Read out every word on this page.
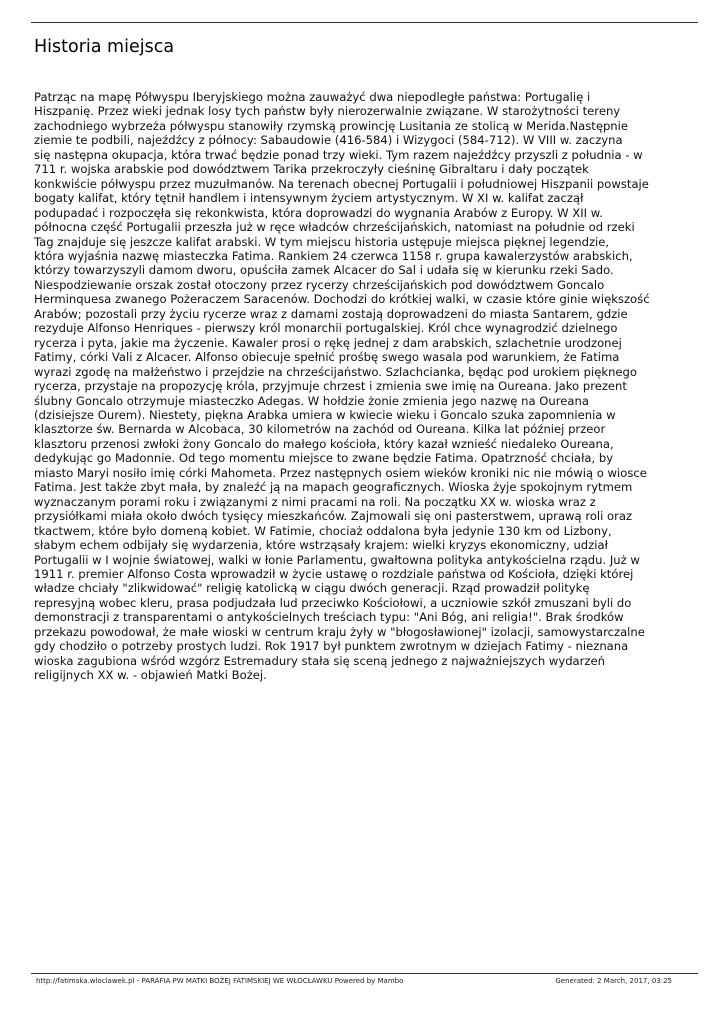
Historia miejsca
Patrząc na mapę Półwyspu Iberyjskiego można zauważyć dwa niepodległe państwa: Portugalię i
Hiszpanię. Przez wieki jednak losy tych państw były nierozerwalnie związane. W starożytności tereny
zachodniego wybrzeża półwyspu stanowiły rzymską prowincję Lusitania ze stolicą w Merida.Następnie
ziemie te podbili, najeźdźcy z północy: Sabaudowie (416-584) i Wizygoci (584-712). W VIII w. zaczyna
się następna okupacja, która trwać będzie ponad trzy wieki. Tym razem najeźdźcy przyszli z południa - w
711 r. wojska arabskie pod dowództwem Tarika przekroczyły cieśninę Gibraltaru i dały początek
konkwiście półwyspu przez muzułmanów. Na terenach obecnej Portugalii i południowej Hiszpanii powstaje
bogaty kalifat, który tętnił handlem i intensywnym życiem artystycznym. W XI w. kalifat zaczął
podupadać i rozpoczęła się rekonkwista, która doprowadzi do wygnania Arabów z Europy. W XII w.
północna część Portugalii przeszła już w ręce władców chrześcijańskich, natomiast na południe od rzeki
Tag znajduje się jeszcze kalifat arabski. W tym miejscu historia ustępuje miejsca pięknej legendzie,
która wyjaśnia nazwę miasteczka Fatima. Rankiem 24 czerwca 1158 r. grupa kawalerzystów arabskich,
którzy towarzyszyli damom dworu, opuściła zamek Alcacer do Sal i udała się w kierunku rzeki Sado.
Niespodziewanie orszak został otoczony przez rycerzy chrześcijańskich pod dowództwem Goncalo
Herminquesa zwanego Pożeraczem Saracenów. Dochodzi do krótkiej walki, w czasie które ginie większość
Arabów; pozostali przy życiu rycerze wraz z damami zostają doprowadzeni do miasta Santarem, gdzie
rezyduje Alfonso Henriques - pierwszy król monarchii portugalskiej. Król chce wynagrodzić dzielnego
rycerza i pyta, jakie ma życzenie. Kawaler prosi o rękę jednej z dam arabskich, szlachetnie urodzonej
Fatimy, córki Vali z Alcacer. Alfonso obiecuje spełnić prośbę swego wasala pod warunkiem, że Fatima
wyrazi zgodę na małżeństwo i przejdzie na chrześcijaństwo. Szlachcianka, będąc pod urokiem pięknego
rycerza, przystaje na propozycję króla, przyjmuje chrzest i zmienia swe imię na Oureana. Jako prezent
ślubny Goncalo otrzymuje miasteczko Adegas. W hołdzie żonie zmienia jego nazwę na Oureana
(dzisiejsze Ourem). Niestety, piękna Arabka umiera w kwiecie wieku i Goncalo szuka zapomnienia w
klasztorze św. Bernarda w Alcobaca, 30 kilometrów na zachód od Oureana. Kilka lat później przeor
klasztoru przenosi zwłoki żony Goncalo do małego kościoła, który kazał wznieść niedaleko Oureana,
dedykując go Madonnie. Od tego momentu miejsce to zwane będzie Fatima. Opatrzność chciała, by
miasto Maryi nosiło imię córki Mahometa. Przez następnych osiem wieków kroniki nic nie mówią o wiosce
Fatima. Jest także zbyt mała, by znaleźć ją na mapach geograficznych. Wioska żyje spokojnym rytmem
wyznaczanym porami roku i związanymi z nimi pracami na roli. Na początku XX w. wioska wraz z
przysiółkami miała około dwóch tysięcy mieszkańców. Zajmowali się oni pasterstwem, uprawą roli oraz
tkactwem, które było domeną kobiet. W Fatimie, chociaż oddalona była jedynie 130 km od Lizbony,
słabym echem odbijały się wydarzenia, które wstrząsały krajem: wielki kryzys ekonomiczny, udział
Portugalii w I wojnie światowej, walki w łonie Parlamentu, gwałtowna polityka antykościelna rządu. Już w
1911 r. premier Alfonso Costa wprowadził w życie ustawę o rozdziale państwa od Kościoła, dzięki której
władze chciały "zlikwidować" religię katolicką w ciągu dwóch generacji. Rząd prowadził politykę
represyjną wobec kleru, prasa podjudzała lud przeciwko Kościołowi, a uczniowie szkół zmuszani byli do
demonstracji z transparentami o antykościelnych treściach typu: "Ani Bóg, ani religia!". Brak środków
przekazu powodował, że małe wioski w centrum kraju żyły w "błogosławionej" izolacji, samowystarczalne
gdy chodziło o potrzeby prostych ludzi. Rok 1917 był punktem zwrotnym w dziejach Fatimy - nieznana
wioska zagubiona wśród wzgórz Estremadury stała się sceną jednego z najważniejszych wydarzeń
religijnych XX w. - objawień Matki Bożej.
http://fatimska.wloclawek.pl - PARAFIA PW MATKI BOŻEJ FATIMSKIEJ WE WŁOCŁAWKU Powered by Mambo	Generated: 2 March, 2017, 03:25
